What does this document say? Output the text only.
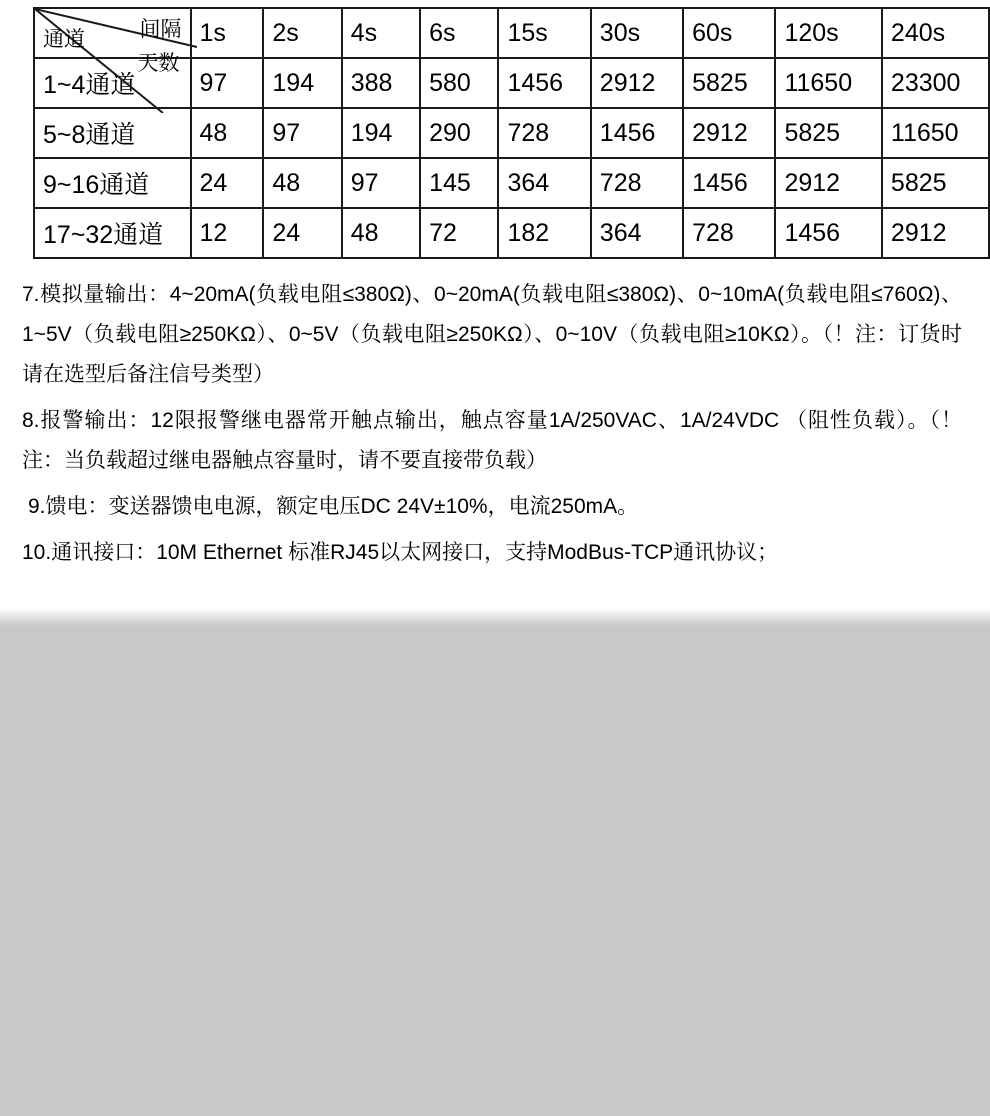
间隔
天数
通道	1s	2s	4s	6s	15s	30s	60s	120s	240s
1~4通道	97	194	388	580	1456	2912	5825	11650	23300
5~8通道	48	97	194	290	728	1456	2912	5825	11650
9~16通道	24	48	97	145	364	728	1456	2912	5825
17~32通道	12	24	48	72	182	364	728	1456	2912

7.模拟量输出：4~20mA(负载电阻≤380Ω)、0~20mA(负载电阻≤380Ω)、0~10mA(负载电阻≤760Ω)、1~5V（负载电阻≥250KΩ）、0~5V（负载电阻≥250KΩ）、0~10V（负载电阻≥10KΩ）。（！注：订货时请在选型后备注信号类型）

8.报警输出：12限报警继电器常开触点输出，触点容量1A/250VAC、1A/24VDC （阻性负载）。（！注：当负载超过继电器触点容量时，请不要直接带负载）

9.馈电：变送器馈电电源，额定电压DC 24V±10%，电流250mA。

10.通讯接口：10M Ethernet 标准RJ45以太网接口，支持ModBus-TCP通讯协议；
